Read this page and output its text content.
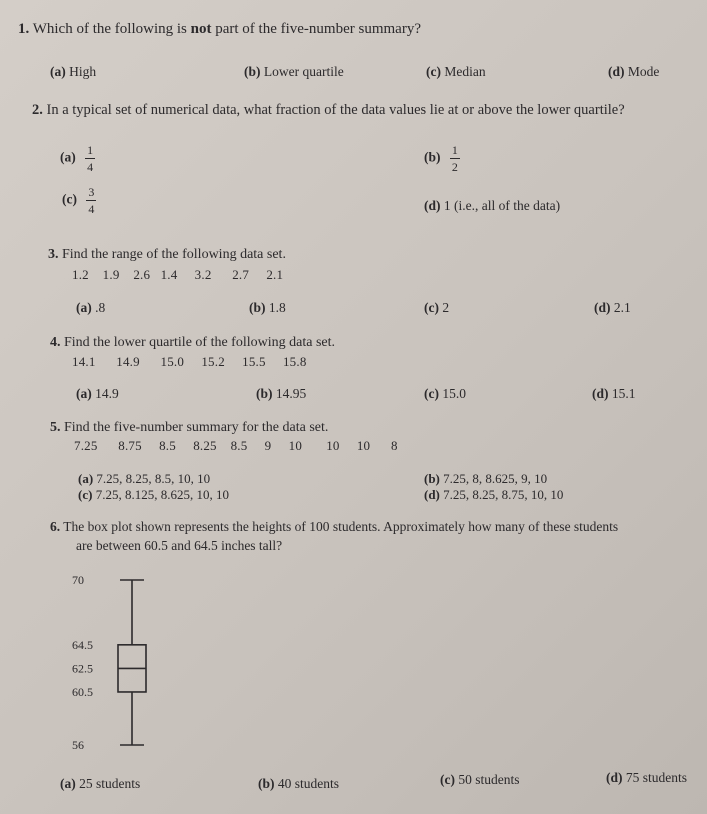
1. Which of the following is not part of the five-number summary?
(a) High	(b) Lower quartile	(c) Median	(d) Mode
2. In a typical set of numerical data, what fraction of the data values lie at or above the lower quartile?
$(a) \frac{1}{4}$	$(b) \frac{1}{2}$
$(c) \frac{3}{4}$	(d) 1 (i.e., all of the data)
3. Find the range of the following data set.
1.2 1.9 2.6 1.4 3.2 2.7 2.1
(a) .8	(b) 1.8	(c) 2	(d) 2.1
4. Find the lower quartile of the following data set.
14.1 14.9 15.0 15.2 15.5 15.8
(a) 14.9	(b) 14.95	(c) 15.0	(d) 15.1
5. Find the five-number summary for the data set.
7.25 8.75 8.5 8.25 8.5 9 10 10 10 8
(a) 7.25, 8.25, 8.5, 10, 10	(b) 7.25, 8, 8.625, 9, 10
(c) 7.25, 8.125, 8.625, 10, 10	(d) 7.25, 8.25, 8.75, 10, 10
6. The box plot shown represents the heights of 100 students. Approximately how many of these students
are between 60.5 and 64.5 inches tall?
70
64.5
62.5
60.5
56
(a) 25 students	(b) 40 students	(c) 50 students	(d) 75 students
